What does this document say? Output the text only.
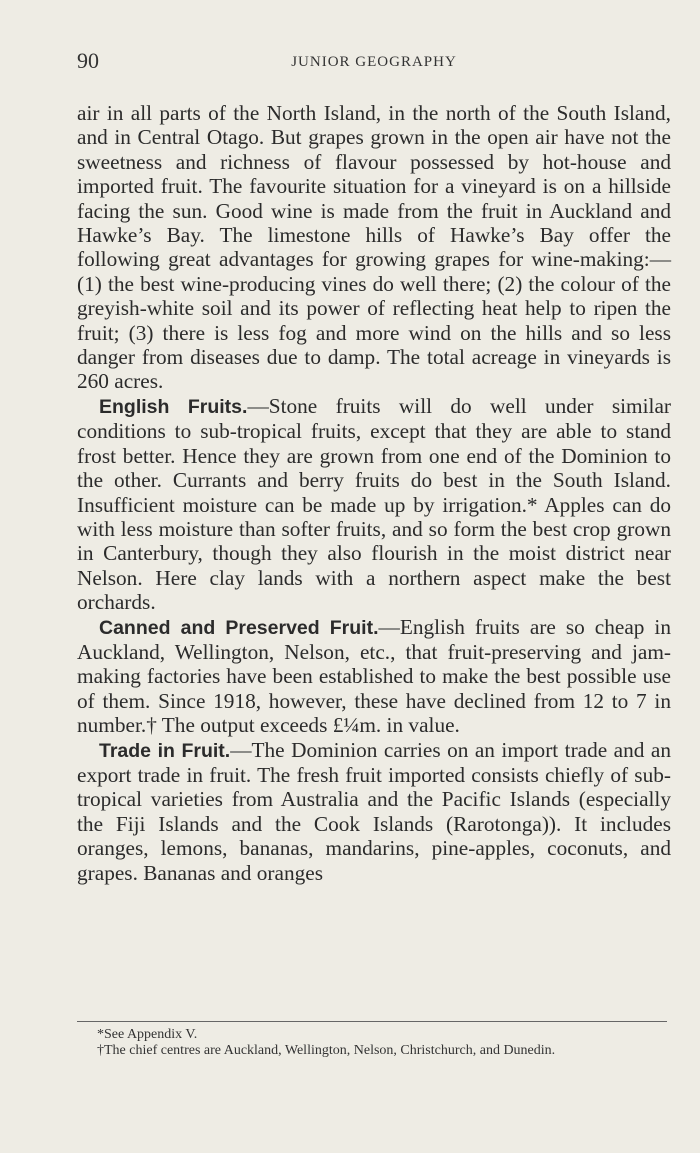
90	JUNIOR GEOGRAPHY

air in all parts of the North Island, in the north of the South Island, and in Central Otago. But grapes grown in the open air have not the sweetness and richness of flavour possessed by hot-house and imported fruit. The favourite situation for a vineyard is on a hillside facing the sun. Good wine is made from the fruit in Auckland and Hawke’s Bay. The limestone hills of Hawke’s Bay offer the following great advantages for growing grapes for wine-making:— (1) the best wine-producing vines do well there; (2) the colour of the greyish-white soil and its power of reflecting heat help to ripen the fruit; (3) there is less fog and more wind on the hills and so less danger from diseases due to damp. The total acreage in vineyards is 260 acres.

English Fruits.—Stone fruits will do well under similar conditions to sub-tropical fruits, except that they are able to stand frost better. Hence they are grown from one end of the Dominion to the other. Currants and berry fruits do best in the South Island. Insufficient moisture can be made up by irrigation.* Apples can do with less moisture than softer fruits, and so form the best crop grown in Canterbury, though they also flourish in the moist district near Nelson. Here clay lands with a northern aspect make the best orchards.

Canned and Preserved Fruit.—English fruits are so cheap in Auckland, Wellington, Nelson, etc., that fruit-preserving and jam-making factories have been established to make the best possible use of them. Since 1918, however, these have declined from 12 to 7 in number.† The output exceeds £¼m. in value.

Trade in Fruit.—The Dominion carries on an import trade and an export trade in fruit. The fresh fruit imported consists chiefly of sub-tropical varieties from Australia and the Pacific Islands (especially the Fiji Islands and the Cook Islands (Rarotonga)). It includes oranges, lemons, bananas, mandarins, pine-apples, coconuts, and grapes. Bananas and oranges

*See Appendix V.

†The chief centres are Auckland, Wellington, Nelson, Christchurch, and Dunedin.
